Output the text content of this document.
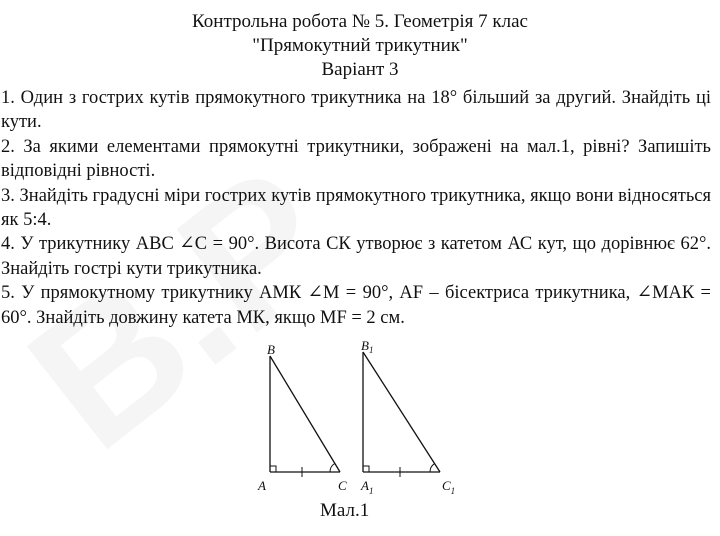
Контрольна робота № 5. Геометрія 7 клас
"Прямокутний трикутник"
Варіант 3

1. Один з гострих кутів прямокутного трикутника на 18° більший за другий. Знайдіть ці кути.

2. За якими елементами прямокутні трикутники, зображені на мал.1, рівні? Запишіть відповідні рівності.

3. Знайдіть градусні міри гострих кутів прямокутного трикутника, якщо вони відносяться як 5:4.

4. У трикутнику АВС ∠С = 90°. Висота СК утворює з катетом АС кут, що дорівнює 62°. Знайдіть гострі кути трикутника.

5. У прямокутному трикутнику АМК ∠М = 90°, AF – бісектриса трикутника, ∠МАК = 60°. Знайдіть довжину катета МК, якщо MF = 2 см.

B
A	C
$B_1$
$A_1$	$C_1$
Мал.1
